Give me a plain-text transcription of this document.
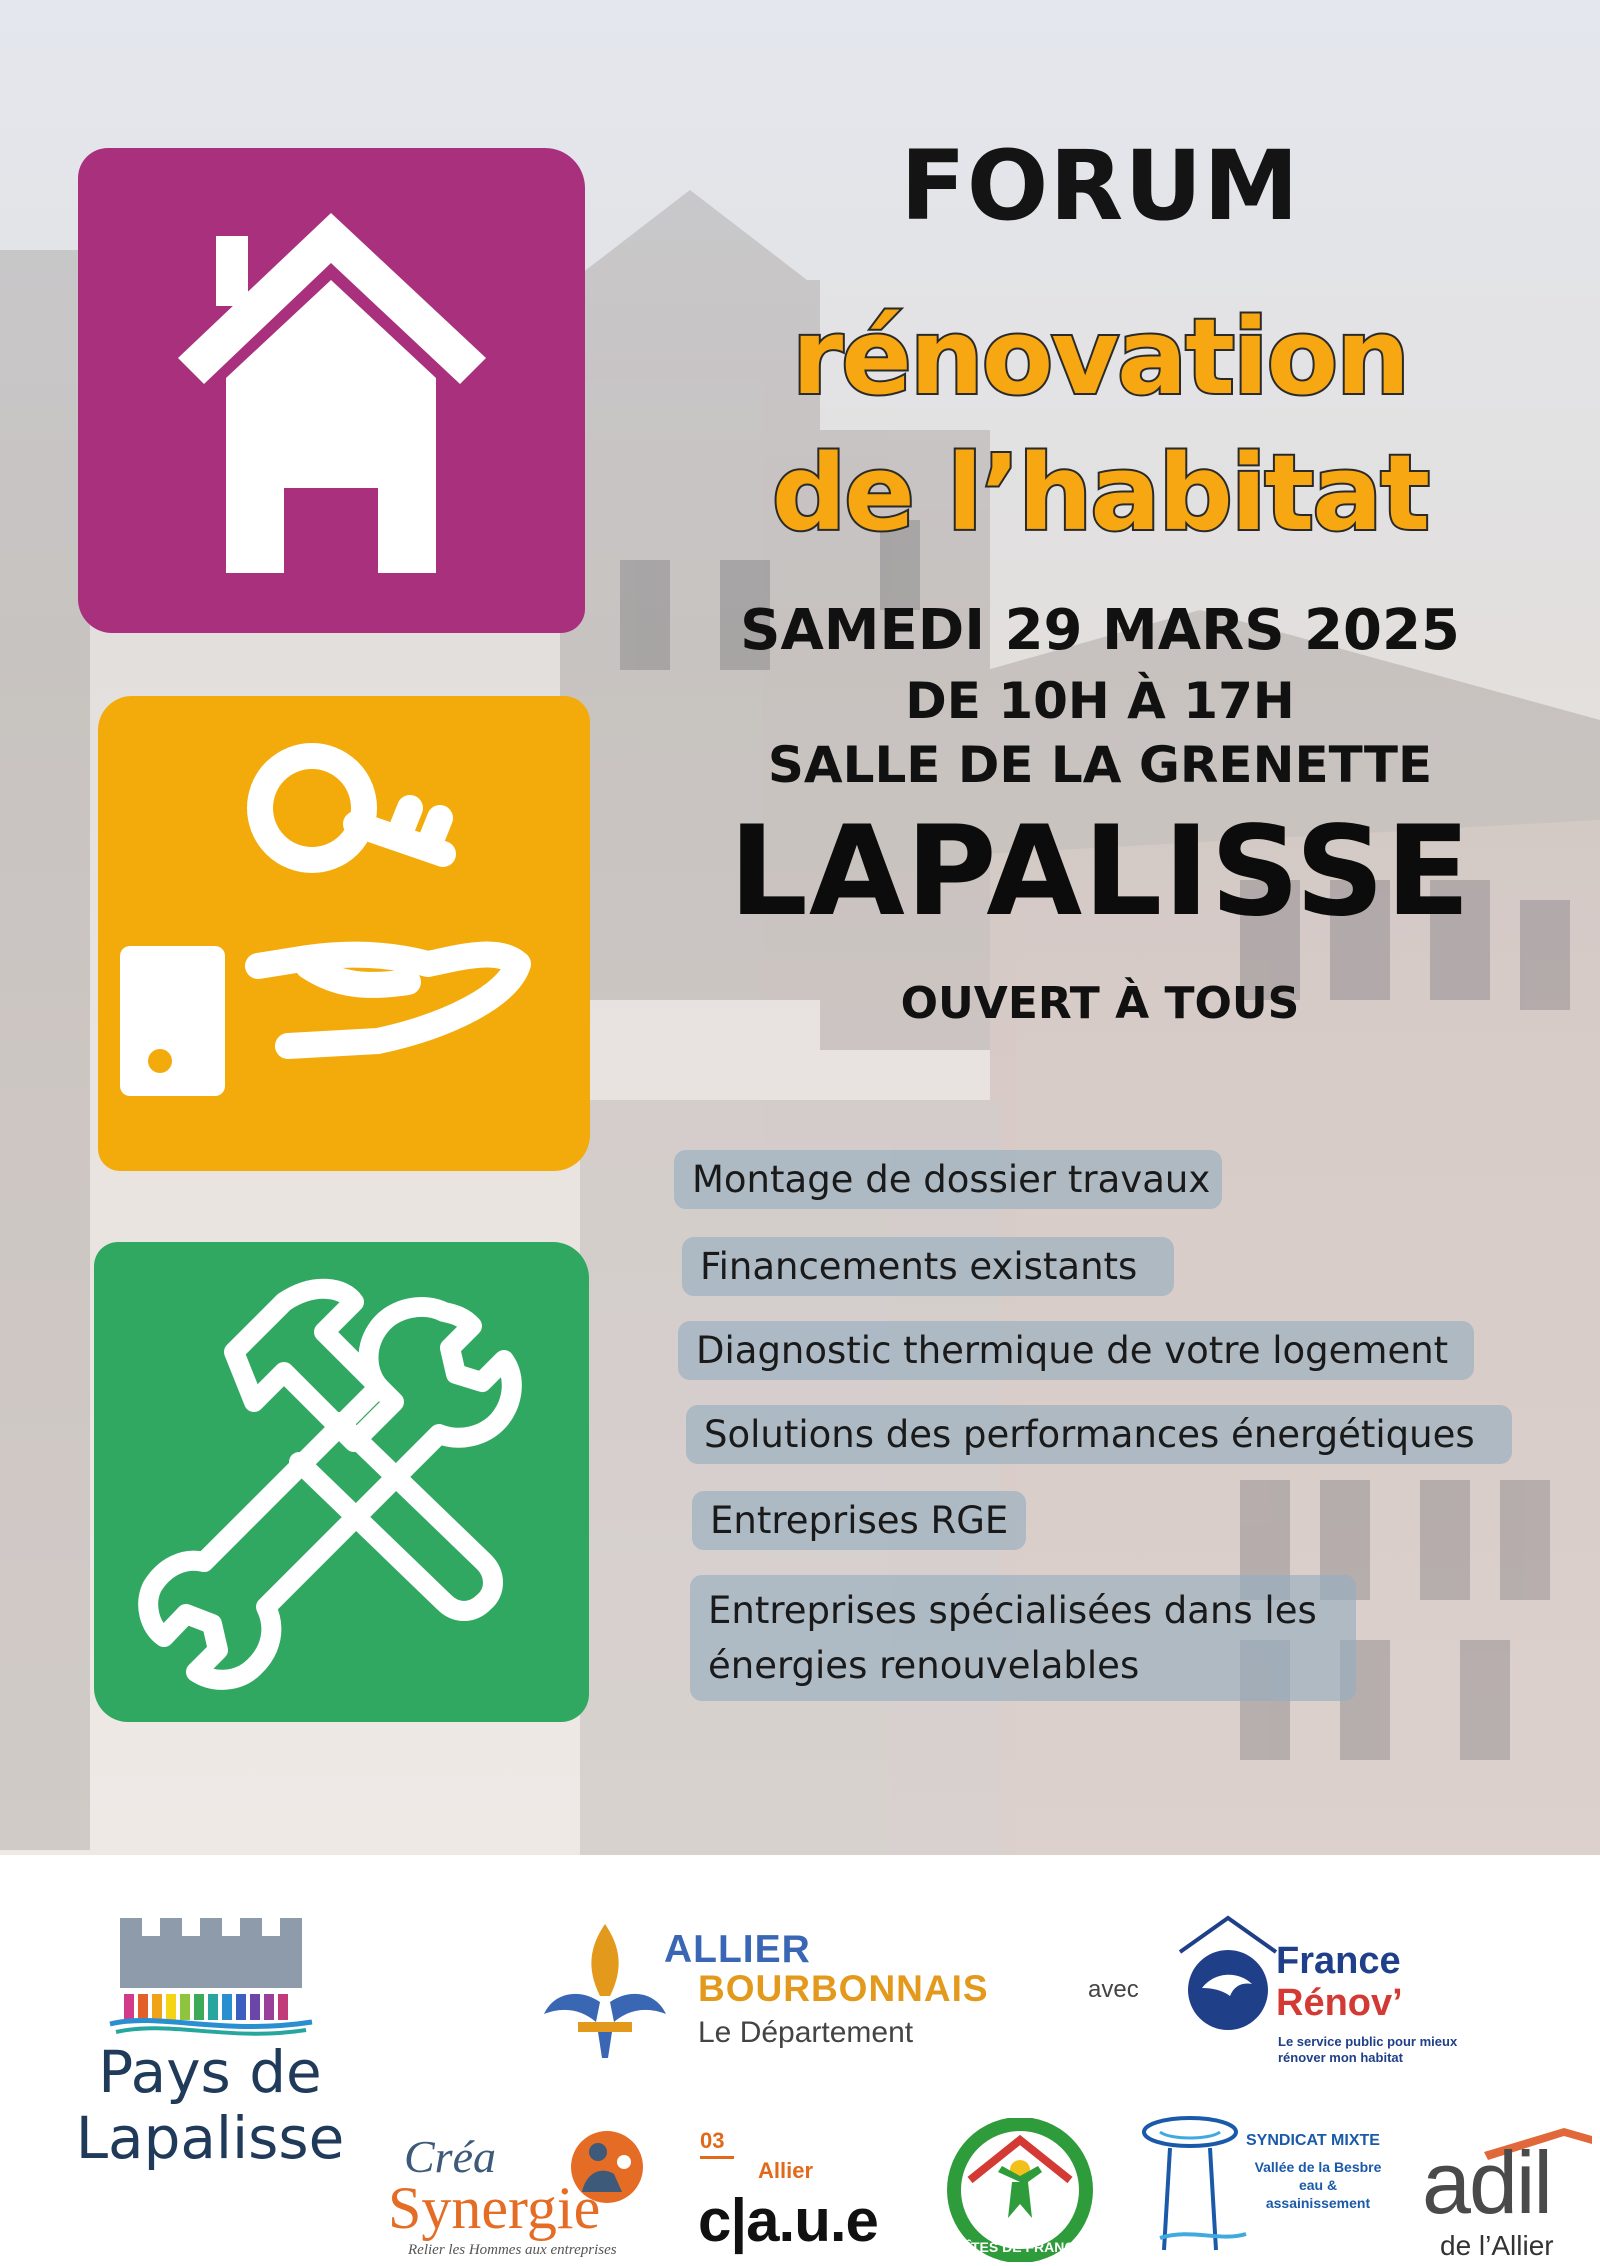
FORUM
rénovation
de l’habitat
SAMEDI 29 MARS 2025
DE 10H À 17H
SALLE DE LA GRENETTE
LAPALISSE
OUVERT À TOUS
Montage de dossier travaux
Financements existants
Diagnostic thermique de votre logement
Solutions des performances énergétiques
Entreprises RGE
Entreprises spécialisées dans les énergies renouvelables
Pays de
Lapalisse
ALLIER
BOURBONNAIS
Le Département
avec
France
Rénov’
Le service public pour mieux rénover mon habitat
Créa
Synergie
Relier les Hommes aux entreprises
03
Allier
c|a.u.e	GÎTES DE FRANCE
SYNDICAT MIXTE
Vallée de la Besbre eau & assainissement adil
de l’Allier
